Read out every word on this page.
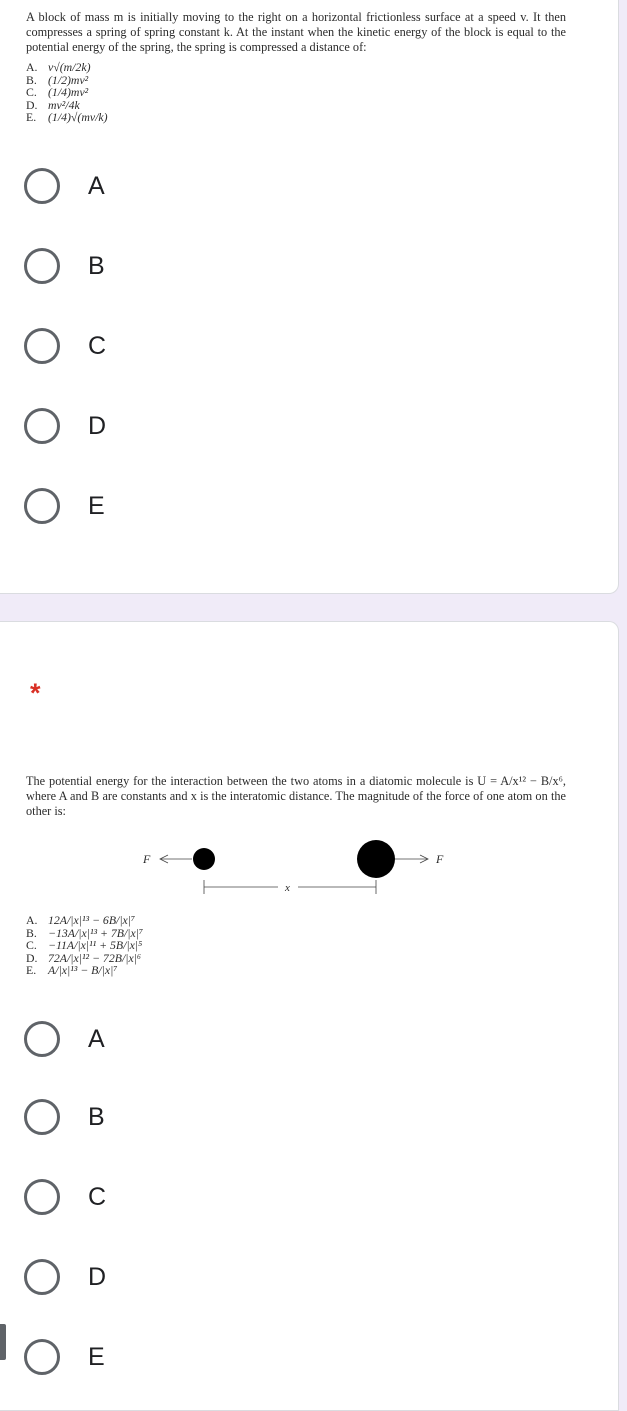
A block of mass m is initially moving to the right on a horizontal frictionless surface at a speed v. It then compresses a spring of spring constant k. At the instant when the kinetic energy of the block is equal to the potential energy of the spring, the spring is compressed a distance of:

A. v√(m/2k)
B. (1/2)mv²
C. (1/4)mv²
D. mv²/4k
E. (1/4)√(mv/k)
A
B
C
D
E
*

The potential energy for the interaction between the two atoms in a diatomic molecule is U = A/x¹² − B/x⁶, where A and B are constants and x is the interatomic distance. The magnitude of the force of one atom on the other is:

F	F
x
A. 12A/|x|¹³ − 6B/|x|⁷
B. −13A/|x|¹³ + 7B/|x|⁷
C. −11A/|x|¹¹ + 5B/|x|⁵
D. 72A/|x|¹² − 72B/|x|⁶
E. A/|x|¹³ − B/|x|⁷
A
B
C
D
E
